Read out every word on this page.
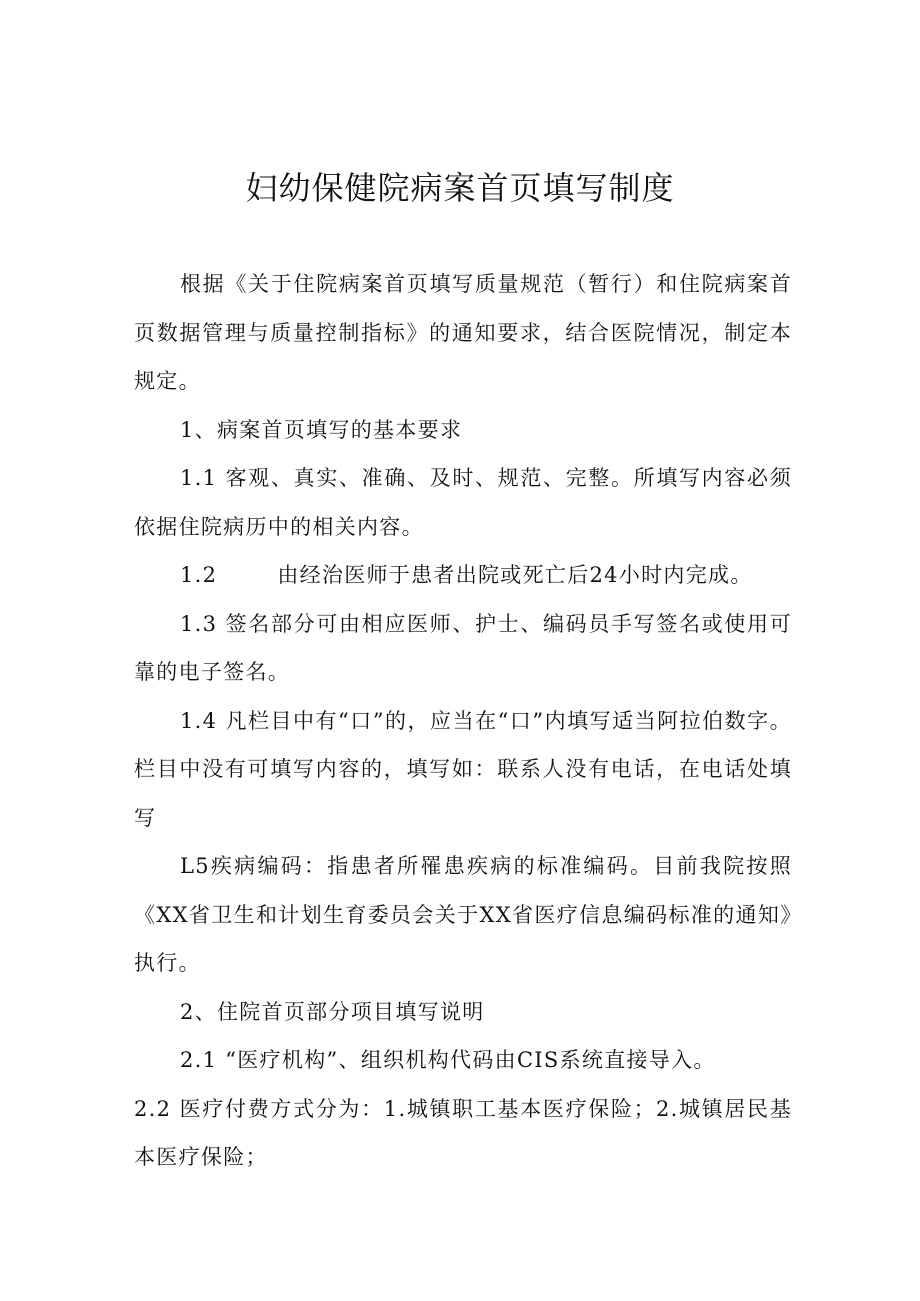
妇幼保健院病案首页填写制度

根据《关于住院病案首页填写质量规范（暂行）和住院病案首页数据管理与质量控制指标》的通知要求，结合医院情况，制定本规定。

1、病案首页填写的基本要求

1.1 客观、真实、准确、及时、规范、完整。所填写内容必须依据住院病历中的相关内容。

1.2	由经治医师于患者出院或死亡后24小时内完成。

1.3 签名部分可由相应医师、护士、编码员手写签名或使用可靠的电子签名。

1.4 凡栏目中有“口”的，应当在“口”内填写适当阿拉伯数字。栏目中没有可填写内容的，填写如：联系人没有电话，在电话处填写

L5疾病编码：指患者所罹患疾病的标准编码。目前我院按照《XX省卫生和计划生育委员会关于XX省医疗信息编码标准的通知》执行。

2、住院首页部分项目填写说明

2.1 “医疗机构”、组织机构代码由CIS系统直接导入。

2.2 医疗付费方式分为：1.城镇职工基本医疗保险；2.城镇居民基本医疗保险；
